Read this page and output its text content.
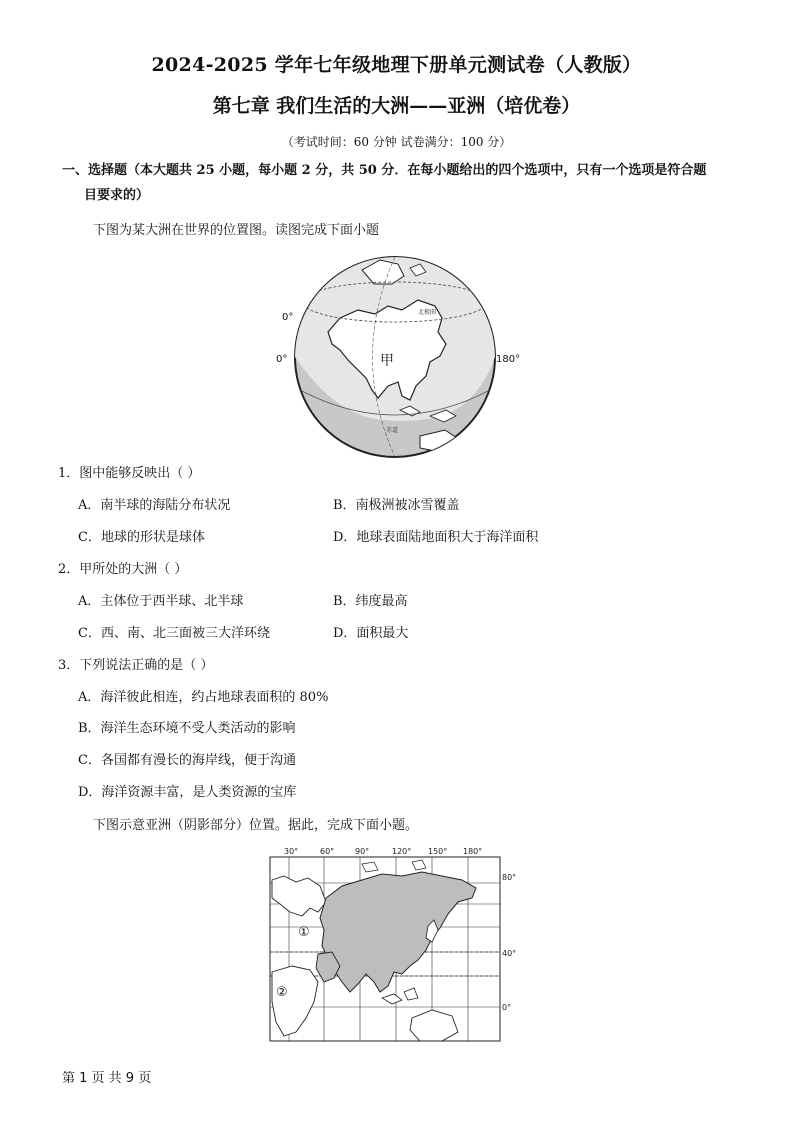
2024-2025 学年七年级地理下册单元测试卷（人教版）
第七章 我们生活的大洲——亚洲（培优卷）
（考试时间：60 分钟 试卷满分：100 分）
一、选择题（本大题共 25 小题，每小题 2 分，共 50 分．在每小题给出的四个选项中，只有一个选项是符合题
目要求的）
下图为某大洲在世界的位置图。读图完成下面小题
甲
0°
0°	180°
北极圈
赤道
1．图中能够反映出（ ）
A．南半球的海陆分布状况	B．南极洲被冰雪覆盖
C．地球的形状是球体	D．地球表面陆地面积大于海洋面积
2．甲所处的大洲（ ）
A．主体位于西半球、北半球	B．纬度最高
C．西、南、北三面被三大洋环绕	D．面积最大
3．下列说法正确的是（ ）
A．海洋彼此相连，约占地球表面积的 80%
B．海洋生态环境不受人类活动的影响
C．各国都有漫长的海岸线，便于沟通
D．海洋资源丰富，是人类资源的宝库
下图示意亚洲（阴影部分）位置。据此，完成下面小题。
30°	60°	90°	120° 150° 180°
80°
40°
0°
①
②
第 1 页 共 9 页
